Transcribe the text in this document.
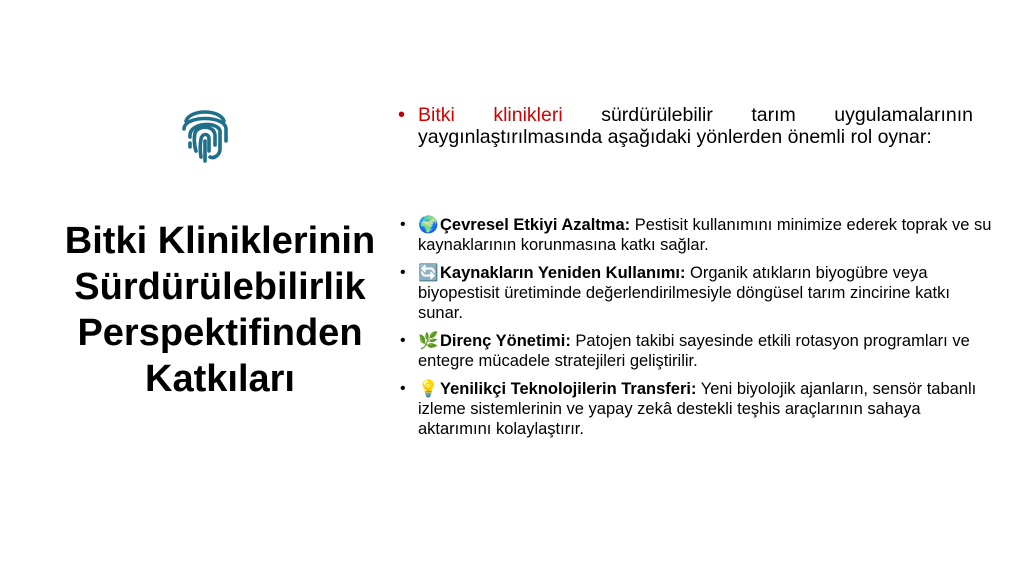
Bitki Kliniklerinin
Sürdürülebilirlik
Perspektifinden
Katkıları
• Bitki klinikleri sürdürülebilir tarım uygulamalarının yaygınlaştırılmasında aşağıdaki yönlerden önemli rol oynar:
• 🌍Çevresel Etkiyi Azaltma: Pestisit kullanımını minimize ederek toprak ve su kaynaklarının korunmasına katkı sağlar.
• 🔄Kaynakların Yeniden Kullanımı: Organik atıkların biyogübre veya biyopestisit üretiminde değerlendirilmesiyle döngüsel tarım zincirine katkı sunar.
• 🌿Direnç Yönetimi: Patojen takibi sayesinde etkili rotasyon programları ve entegre mücadele stratejileri geliştirilir.
• 💡Yenilikçi Teknolojilerin Transferi: Yeni biyolojik ajanların, sensör tabanlı izleme sistemlerinin ve yapay zekâ destekli teşhis araçlarının sahaya aktarımını kolaylaştırır.
